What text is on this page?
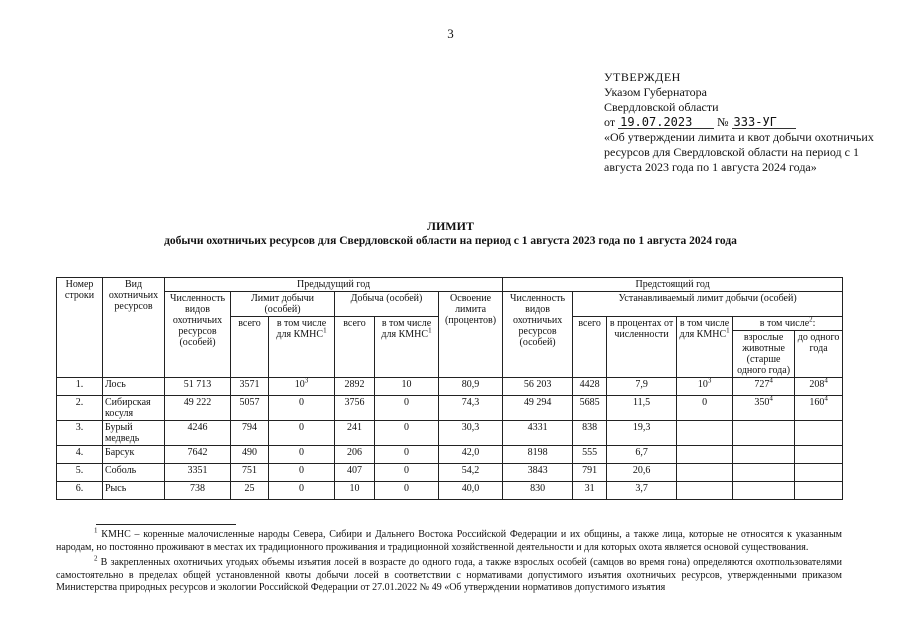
3
УТВЕРЖДЕН
Указом Губернатора
Свердловской области
от 19.07.2023 № 333-УГ
«Об утверждении лимита и квот добычи охотничьих ресурсов для Свердловской области на период с 1 августа 2023 года по 1 августа 2024 года»
ЛИМИТ
добычи охотничьих ресурсов для Свердловской области на период с 1 августа 2023 года по 1 августа 2024 года
Номер строки	Вид охотничьих ресурсов	Предыдущий год						Предстоящий год					
		Численность видов охотничьих ресурсов (особей)	Лимит добычи (особей)		Добыча (особей)		Освоение лимита (процентов)	Численность видов охотничьих ресурсов (особей)	Устанавливаемый лимит добычи (особей)				
			всего	в том числе для КМНС$^1$	всего	в том числе для КМНС$^1$			всего	в процентах от численности	в том числе для КМНС$^1$	в том числе$^2$:	
												взрослые животные (старше одного года)	до одного года
1.	Лось	51 713	3571	$10^3$	2892	10	80,9	56 203	4428	7,9	$10^3$	$727^4$	$208^4$
2.	Сибирская косуля	49 222	5057	0	3756	0	74,3	49 294	5685	11,5	0	$350^4$	$160^4$
3.	Бурый медведь	4246	794	0	241	0	30,3	4331	838	19,3			
4.	Барсук	7642	490	0	206	0	42,0	8198	555	6,7			
5.	Соболь	3351	751	0	407	0	54,2	3843	791	20,6			
6.	Рысь	738	25	0	10	0	40,0	830	31	3,7			

$^1$ КМНС – коренные малочисленные народы Севера, Сибири и Дальнего Востока Российской Федерации и их общины, а также лица, которые не относятся к указанным народам, но постоянно проживают в местах их традиционного проживания и традиционной хозяйственной деятельности и для которых охота является основой существования.

$^2$ В закрепленных охотничьих угодьях объемы изъятия лосей в возрасте до одного года, а также взрослых особей (самцов во время гона) определяются охотпользователями самостоятельно в пределах общей установленной квоты добычи лосей в соответствии с нормативами допустимого изъятия охотничьих ресурсов, утвержденными приказом Министерства природных ресурсов и экологии Российской Федерации от 27.01.2022 № 49 «Об утверждении нормативов допустимого изъятия
